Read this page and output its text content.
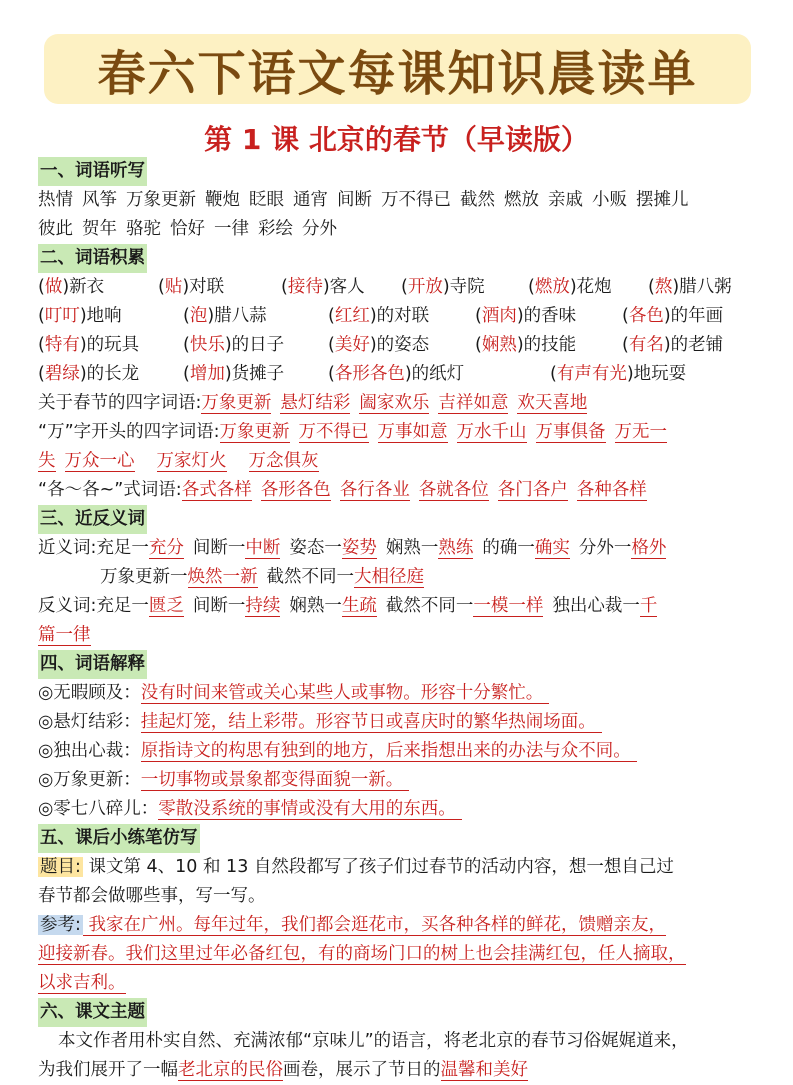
春六下语文每课知识晨读单
第 1 课 北京的春节（早读版）
一、词语听写
热情 风筝 万象更新 鞭炮 眨眼 通宵 间断 万不得已 截然 燃放 亲戚 小贩 摆摊儿
彼此 贺年 骆驼 恰好 一律 彩绘 分外
二、词语积累
(做)新衣	(贴)对联	(接待)客人 (开放)寺院 (燃放)花炮 (熬)腊八粥
(叮叮)地响	(泡)腊八蒜	(红红)的对联	(酒肉)的香味	(各色)的年画
(特有)的玩具	(快乐)的日子	(美好)的姿态	(娴熟)的技能	(有名)的老铺
(碧绿)的长龙	(增加)货摊子	(各形各色)的纸灯	(有声有光)地玩耍
关于春节的四字词语:万象更新 悬灯结彩 阖家欢乐 吉祥如意 欢天喜地
“万”字开头的四字词语:万象更新 万不得已 万事如意 万水千山 万事俱备 万无一
失 万众一心 万家灯火 万念俱灰
“各～各~”式词语:各式各样 各形各色 各行各业 各就各位 各门各户 各种各样
三、近反义词
近义词:充足一充分 间断一中断 姿态一姿势 娴熟一熟练 的确一确实 分外一格外
万象更新一焕然一新 截然不同一大相径庭
反义词:充足一匮乏 间断一持续 娴熟一生疏 截然不同一一模一样 独出心裁一千
篇一律
四、词语解释
◎无暇顾及：没有时间来管或关心某些人或事物。形容十分繁忙。
◎悬灯结彩：挂起灯笼，结上彩带。形容节日或喜庆时的繁华热闹场面。
◎独出心裁：原指诗文的构思有独到的地方，后来指想出来的办法与众不同。
◎万象更新：一切事物或景象都变得面貌一新。
◎零七八碎儿：零散没系统的事情或没有大用的东西。
五、课后小练笔仿写
题目: 课文第 4、10 和 13 自然段都写了孩子们过春节的活动内容，想一想自己过
春节都会做哪些事，写一写。
参考: 我家在广州。每年过年，我们都会逛花市，买各种各样的鲜花，馈赠亲友，
迎接新春。我们这里过年必备红包，有的商场门口的树上也会挂满红包，任人摘取，
以求吉利。
六、课文主题
本文作者用朴实自然、充满浓郁“京味儿”的语言，将老北京的春节习俗娓娓道来，
为我们展开了一幅老北京的民俗画卷，展示了节日的温馨和美好
